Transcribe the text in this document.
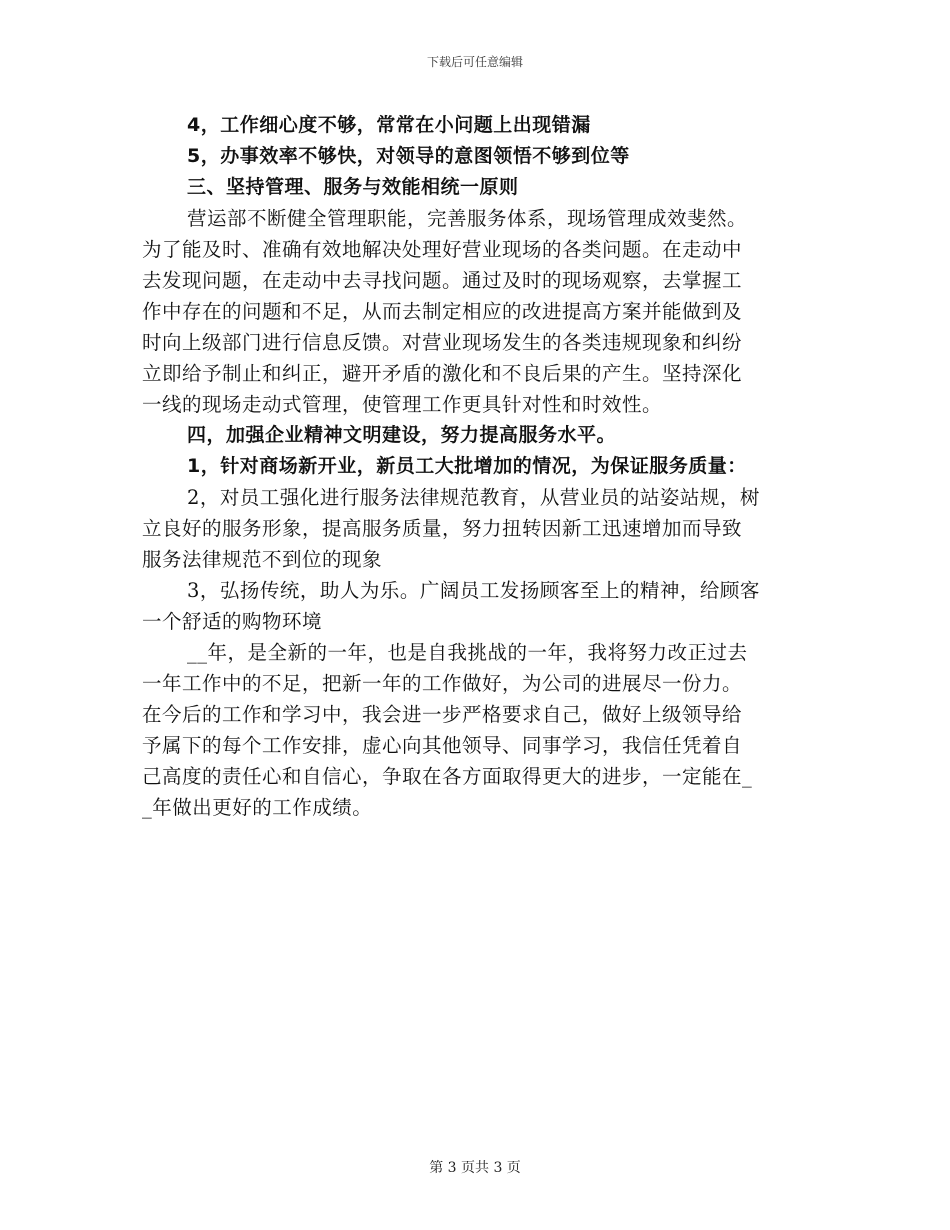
下载后可任意编辑

4，工作细心度不够，常常在小问题上出现错漏

5，办事效率不够快，对领导的意图领悟不够到位等

三、坚持管理、服务与效能相统一原则

营运部不断健全管理职能，完善服务体系，现场管理成效斐然。

为了能及时、准确有效地解决处理好营业现场的各类问题。在走动中

去发现问题，在走动中去寻找问题。通过及时的现场观察，去掌握工

作中存在的问题和不足，从而去制定相应的改进提高方案并能做到及

时向上级部门进行信息反馈。对营业现场发生的各类违规现象和纠纷

立即给予制止和纠正，避开矛盾的激化和不良后果的产生。坚持深化

一线的现场走动式管理，使管理工作更具针对性和时效性。

四，加强企业精神文明建设，努力提高服务水平。

1，针对商场新开业，新员工大批增加的情况，为保证服务质量：

2，对员工强化进行服务法律规范教育，从营业员的站姿站规，树

立良好的服务形象，提高服务质量，努力扭转因新工迅速增加而导致

服务法律规范不到位的现象

3，弘扬传统，助人为乐。广阔员工发扬顾客至上的精神，给顾客

一个舒适的购物环境

__年，是全新的一年，也是自我挑战的一年，我将努力改正过去

一年工作中的不足，把新一年的工作做好，为公司的进展尽一份力。

在今后的工作和学习中，我会进一步严格要求自己，做好上级领导给

予属下的每个工作安排，虚心向其他领导、同事学习，我信任凭着自

己高度的责任心和自信心，争取在各方面取得更大的进步，一定能在_

_年做出更好的工作成绩。

第 3 页共 3 页
